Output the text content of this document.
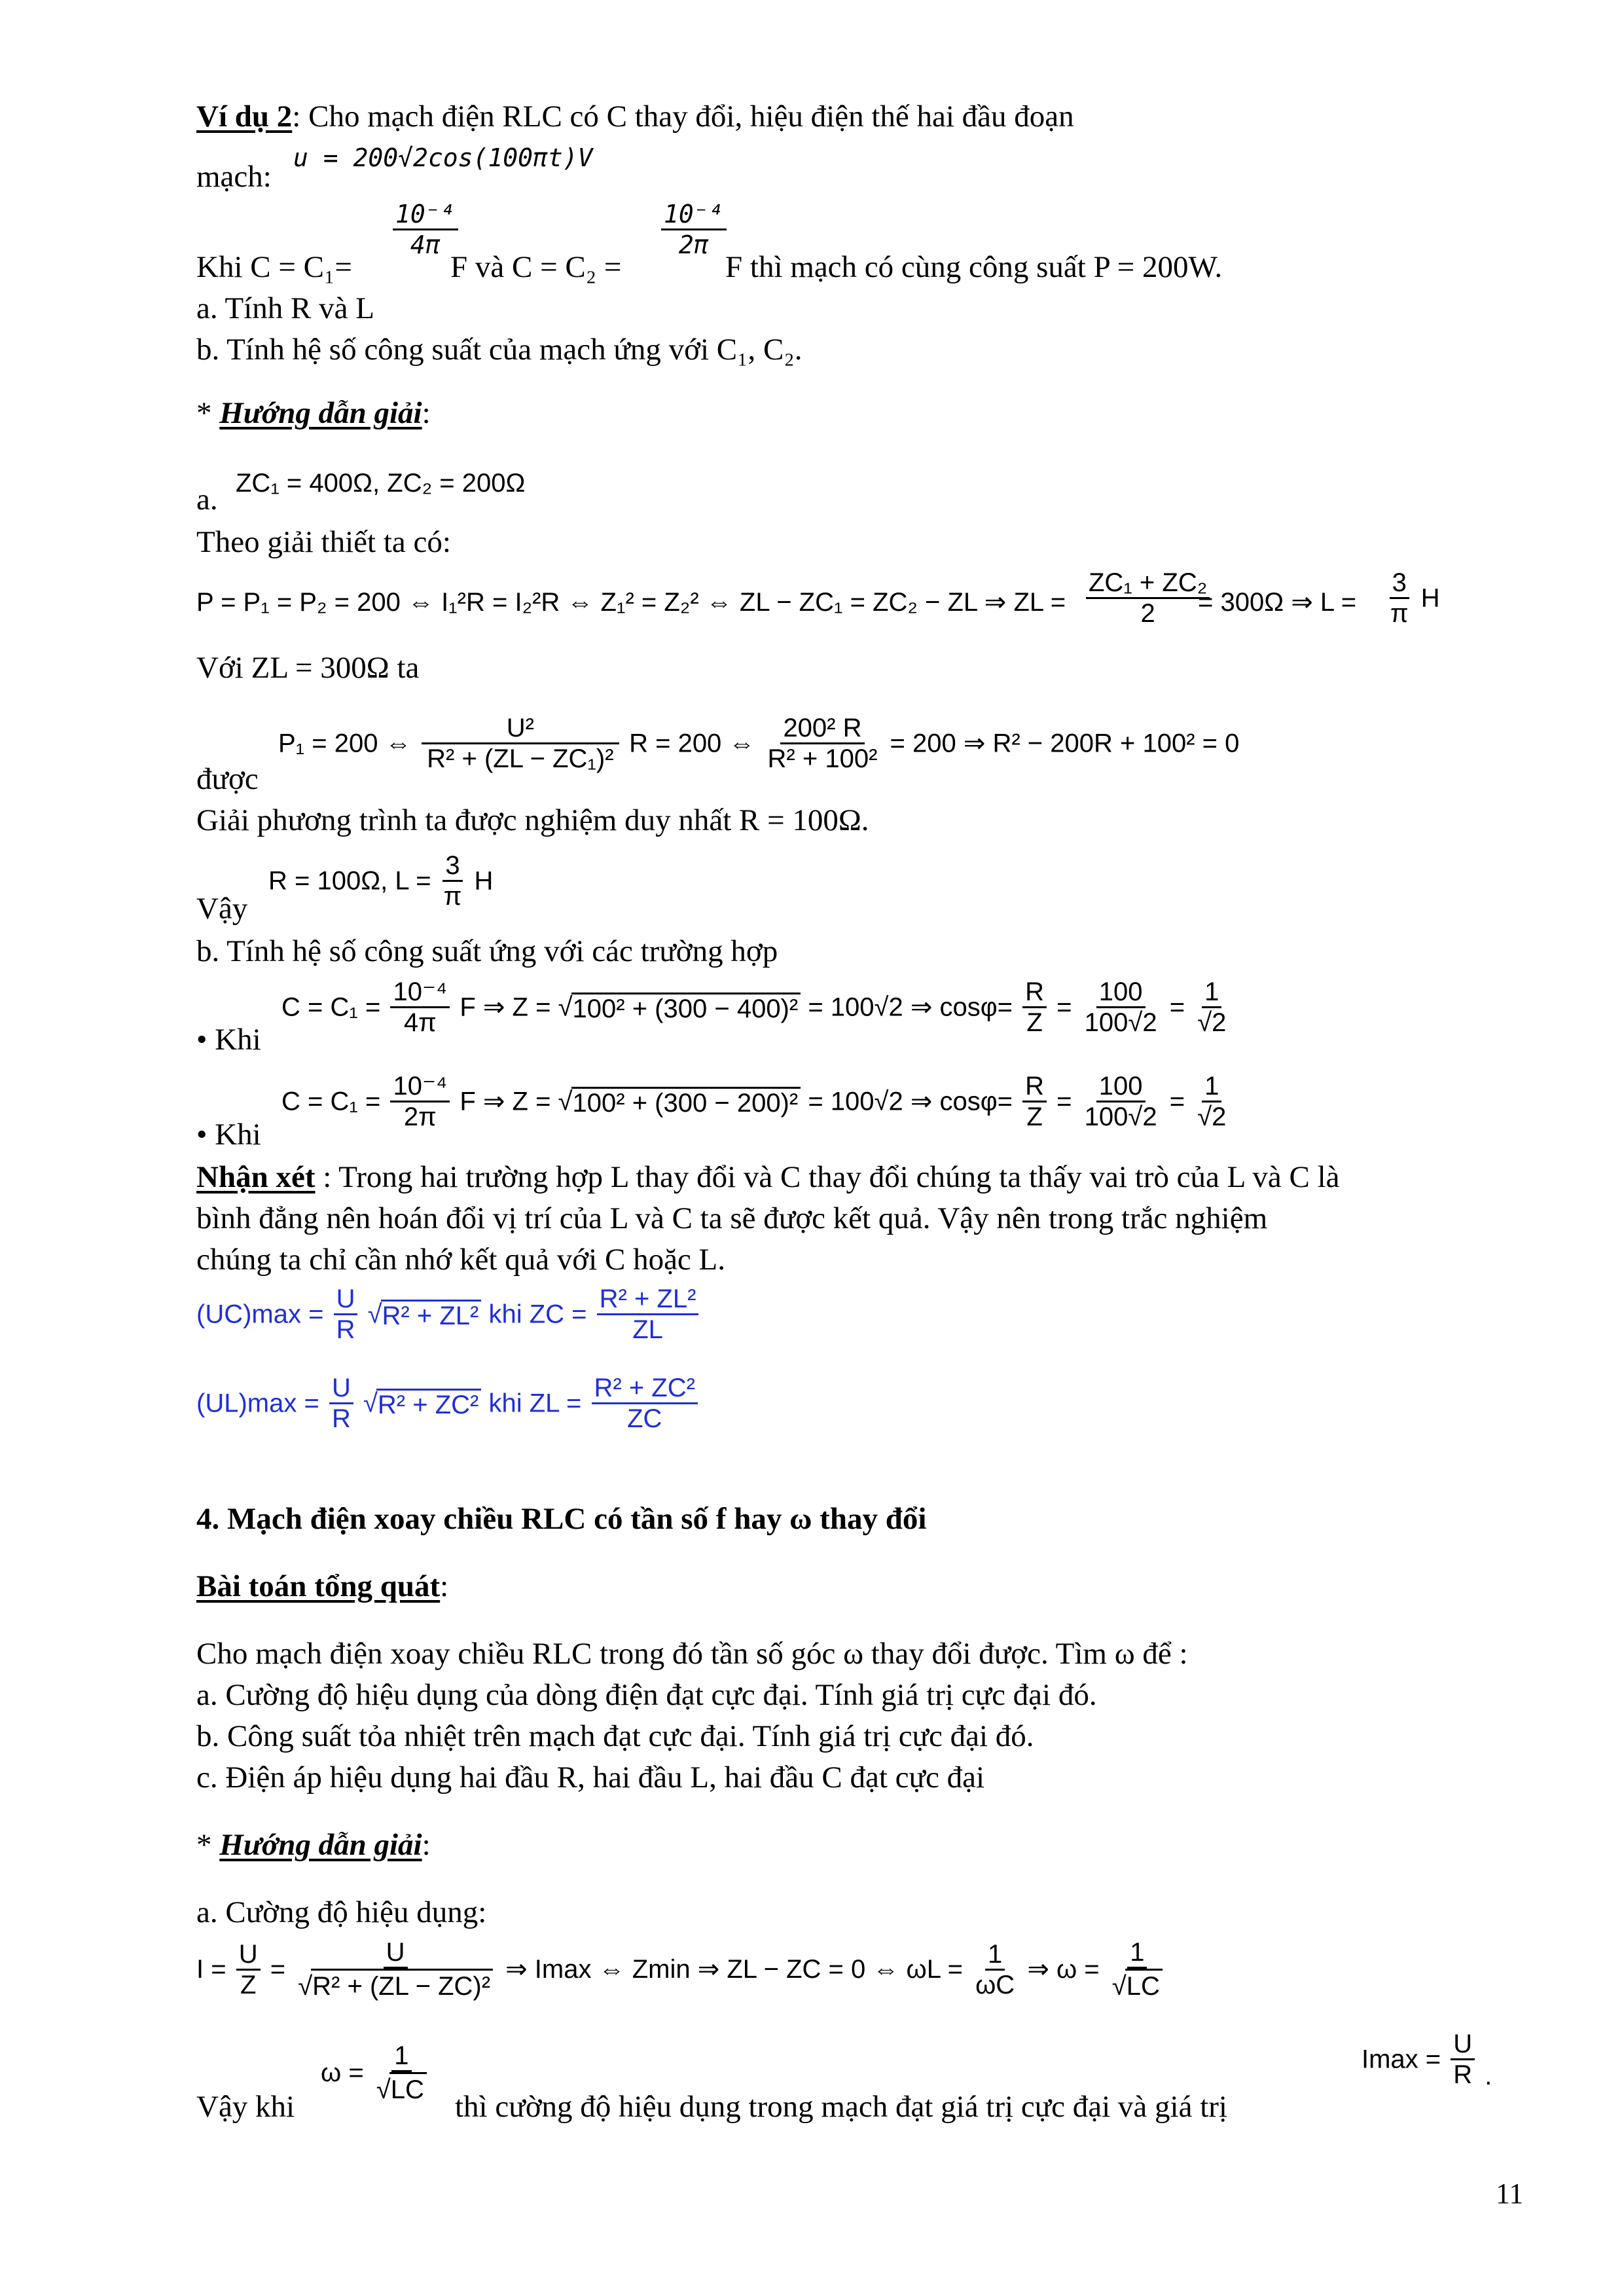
Ví dụ 2: Cho mạch điện RLC có C thay đổi, hiệu điện thế hai đầu đoạn
mạch:
u = 200√2cos(100πt)V
Khi C = C₁=
$\frac{\text{10⁻⁴}}{4\pi}$
F và C = C₂ =
$\frac{\text{10⁻⁴}}{2\pi}$
F thì mạch có cùng công suất P = 200W.
a. Tính R và L
b. Tính hệ số công suất của mạch ứng với C₁, C₂.
* Hướng dẫn giải:
a. ZC₁ = 400Ω, ZC₂ = 200Ω
Theo giải thiết ta có:
P = P₁ = P₂ = 200 ⇔ I₁²R = I₂²R ⇔ Z₁² = Z₂² ⇔ ZL − ZC₁ = ZC₂ − ZL ⇒ ZL = $\frac{\text{ZC₁ + ZC₂}}{2}$
= 300Ω ⇒ $L = \frac{3}{\pi}$ H
Với ZL = 300Ω ta
P₁ = 200 ⇔ $\frac{\text{U²}}{\text{R² + (ZL − ZC₁)²}}$ R = 200 ⇔ $\frac{\text{200² R}}{\text{R² + 100²}} = 200$ ⇒ R² − 200R + 100² = 0
được
Giải phương trình ta được nghiệm duy nhất R = 100Ω.
Vậy
R = 100Ω, $L = \frac{3}{\pi}$ H
b. Tính hệ số công suất ứng với các trường hợp
• Khi
$C = C_1 = \frac{\text{10⁻⁴}}{4\pi}$ F ⇒ Z = √100² + (300 − 400)² = 100√2 ⇒ $\cos\varphi= \frac{R}{Z} = \frac{100}{100√2} = \frac{1}{√2}$
• Khi
$C = C_1 = \frac{\text{10⁻⁴}}{2\pi}$ F ⇒ Z = √100² + (300 − 200)² = 100√2 ⇒ $\cos\varphi= \frac{R}{Z} = \frac{100}{100√2} = \frac{1}{√2}$
Nhận xét : Trong hai trường hợp L thay đổi và C thay đổi chúng ta thấy vai trò của L và C là
bình đẳng nên hoán đổi vị trí của L và C ta sẽ được kết quả. Vậy nên trong trắc nghiệm
chúng ta chỉ cần nhớ kết quả với C hoặc L.
$(UC)\max = \frac{U}{R} √R^2 + ZL^2$ khi ZC = $\frac{\text{R² + ZL²}}{ZL}$
$(UL)\max = \frac{U}{R} √R^2 + ZC^2$ khi ZL = $\frac{\text{R² + ZC²}}{ZC}$
4. Mạch điện xoay chiều RLC có tần số f hay ω thay đổi
Bài toán tổng quát:
Cho mạch điện xoay chiều RLC trong đó tần số góc ω thay đổi được. Tìm ω để :
a. Cường độ hiệu dụng của dòng điện đạt cực đại. Tính giá trị cực đại đó.
b. Công suất tỏa nhiệt trên mạch đạt cực đại. Tính giá trị cực đại đó.
c. Điện áp hiệu dụng hai đầu R, hai đầu L, hai đầu C đạt cực đại
* Hướng dẫn giải:
a. Cường độ hiệu dụng:
$I = \frac{U}{Z} = \frac{U}{\text{√R² + (ZL − ZC)²}}$ ⇒ Imax ⇔ Zmin ⇒ ZL − ZC = 0 ⇔ $\omega L = \frac{1}{\omega C}$ ⇒ $\omega = \frac{1}{√LC}$
Vậy khi
$\omega = \frac{1}{√LC}$
thì cường độ hiệu dụng trong mạch đạt giá trị cực đại và giá trị
$Imax = \frac{U}{R}$ .
11
